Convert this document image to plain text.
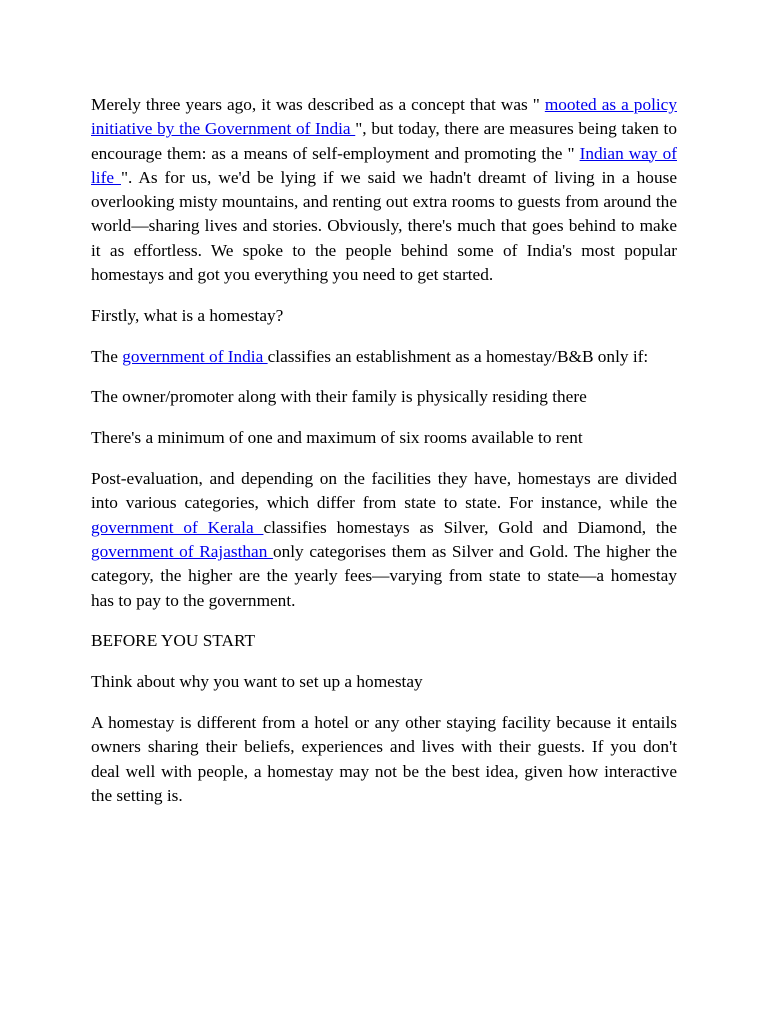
Merely three years ago, it was described as a concept that was " mooted as a policy initiative by the Government of India ", but today, there are measures being taken to encourage them: as a means of self-employment and promoting the " Indian way of life ". As for us, we'd be lying if we said we hadn't dreamt of living in a house overlooking misty mountains, and renting out extra rooms to guests from around the world—sharing lives and stories. Obviously, there's much that goes behind to make it as effortless. We spoke to the people behind some of India's most popular homestays and got you everything you need to get started.

Firstly, what is a homestay?

The government of India classifies an establishment as a homestay/B&B only if:

The owner/promoter along with their family is physically residing there

There's a minimum of one and maximum of six rooms available to rent

Post-evaluation, and depending on the facilities they have, homestays are divided into various categories, which differ from state to state. For instance, while the government of Kerala classifies homestays as Silver, Gold and Diamond, the government of Rajasthan only categorises them as Silver and Gold. The higher the category, the higher are the yearly fees—varying from state to state—a homestay has to pay to the government.

BEFORE YOU START

Think about why you want to set up a homestay

A homestay is different from a hotel or any other staying facility because it entails owners sharing their beliefs, experiences and lives with their guests. If you don't deal well with people, a homestay may not be the best idea, given how interactive the setting is.
